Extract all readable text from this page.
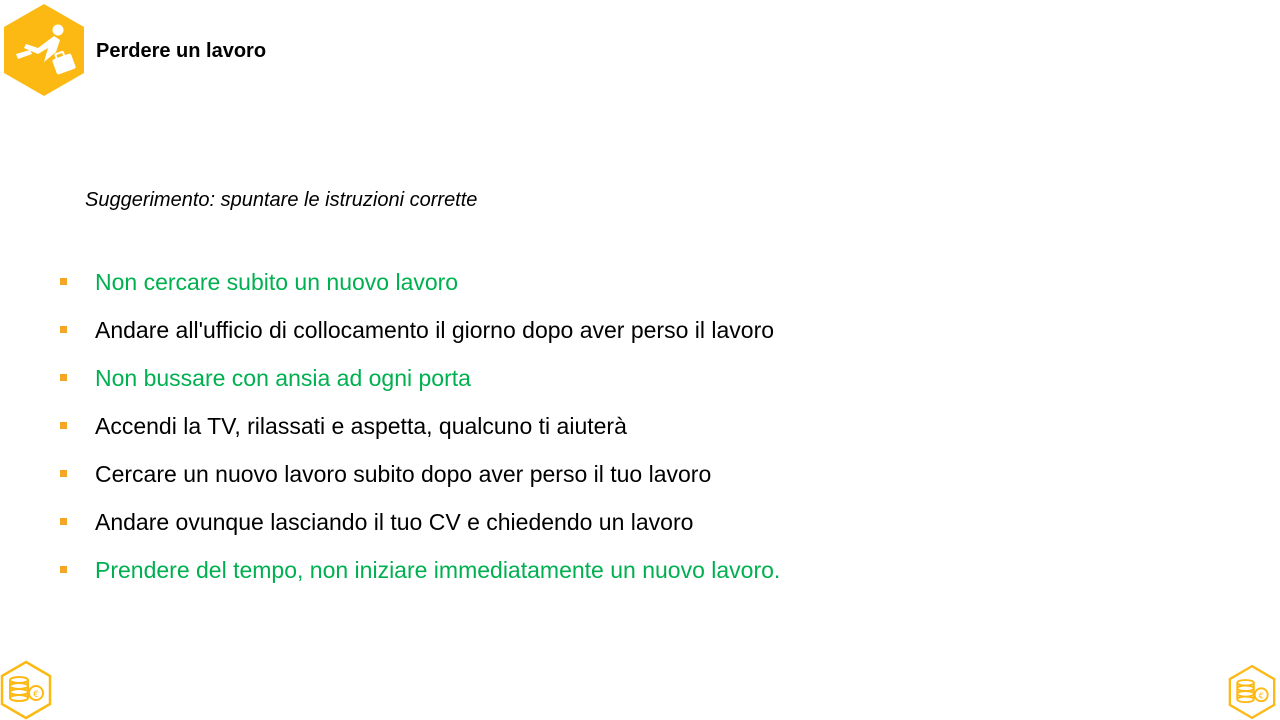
Perdere un lavoro
Suggerimento: spuntare le istruzioni corrette
Non cercare subito un nuovo lavoro
Andare all'ufficio di collocamento il giorno dopo aver perso il lavoro
Non bussare con ansia ad ogni porta
Accendi la TV, rilassati e aspetta, qualcuno ti aiuterà
Cercare un nuovo lavoro subito dopo aver perso il tuo lavoro
Andare ovunque lasciando il tuo CV e chiedendo un lavoro
Prendere del tempo, non iniziare immediatamente un nuovo lavoro.
€	€
